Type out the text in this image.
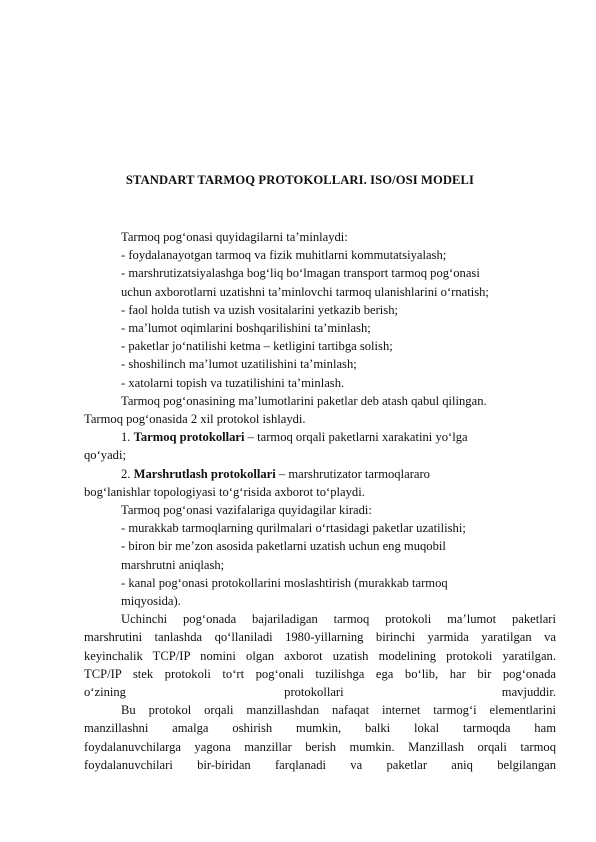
STANDART TARMOQ PROTOKOLLARI. ISO/OSI MODELI
Tarmoq pog‘onasi quyidagilarni ta’minlaydi:
- foydalanayotgan tarmoq va fizik muhitlarni kommutatsiyalash;
- marshrutizatsiyalashga bog‘liq bo‘lmagan transport tarmoq pog‘onasi
uchun axborotlarni uzatishni ta’minlovchi tarmoq ulanishlarini o‘rnatish;
- faol holda tutish va uzish vositalarini yetkazib berish;
- ma’lumot oqimlarini boshqarilishini ta’minlash;
- paketlar jo‘natilishi ketma – ketligini tartibga solish;
- shoshilinch ma’lumot uzatilishini ta’minlash;
- xatolarni topish va tuzatilishini ta’minlash.
Tarmoq pog‘onasining ma’lumotlarini paketlar deb atash qabul qilingan.
Tarmoq pog‘onasida 2 xil protokol ishlaydi.
1. Tarmoq protokollari – tarmoq orqali paketlarni xarakatini yo‘lga
qo‘yadi;
2. Marshrutlash protokollari – marshrutizator tarmoqlararo
bog‘lanishlar topologiyasi to‘g‘risida axborot to‘playdi.
Tarmoq pog‘onasi vazifalariga quyidagilar kiradi:
- murakkab tarmoqlarning qurilmalari o‘rtasidagi paketlar uzatilishi;
- biron bir me’zon asosida paketlarni uzatish uchun eng muqobil
marshrutni aniqlash;
- kanal pog‘onasi protokollarini moslashtirish (murakkab tarmoq
miqyosida).
Uchinchi pog‘onada bajariladigan tarmoq protokoli ma’lumot paketlari
marshrutini tanlashda qo‘llaniladi 1980-yillarning birinchi yarmida yaratilgan va
keyinchalik TCP/IP nomini olgan axborot uzatish modelining protokoli yaratilgan.
TCP/IP stek protokoli to‘rt pog‘onali tuzilishga ega bo‘lib, har bir pog‘onada
o‘zining protokollari mavjuddir.
Bu protokol orqali manzillashdan nafaqat internet tarmog‘i elementlarini
manzillashni amalga oshirish mumkin, balki lokal tarmoqda ham
foydalanuvchilarga yagona manzillar berish mumkin. Manzillash orqali tarmoq
foydalanuvchilari bir-biridan farqlanadi va paketlar aniq belgilangan
